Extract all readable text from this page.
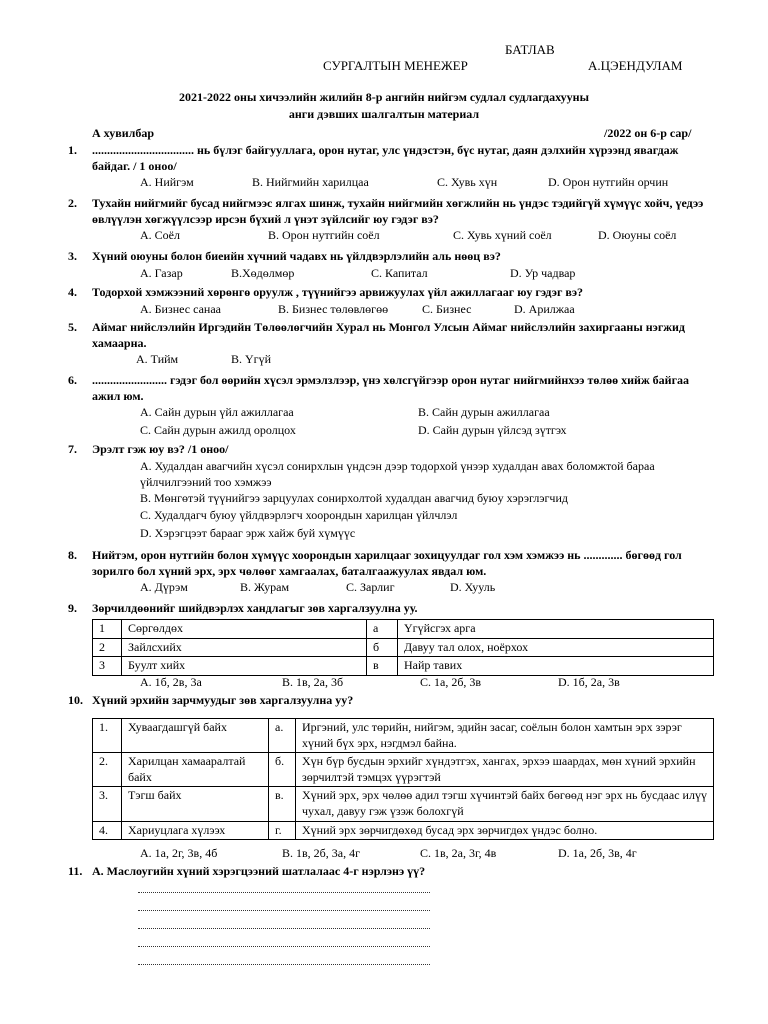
БАТЛАВ
СУРГАЛТЫН МЕНЕЖЕР	А.ЦЭЕНДУЛАМ
2021-2022 оны хичээлийн жилийн 8-р ангийн нийгэм судлал судлагдахууны
анги дэвших шалгалтын материал
А хувилбар	/2022 он 6-р сар/
1.	.................................. нь бүлэг байгууллага, орон нутаг, улс үндэстэн, бүс нутаг, даян дэлхийн хүрээнд явагдаж байдаг. / 1 оноо/
А. Нийгэм	В. Нийгмийн харилцаа	С. Хувь хүн	D. Орон нутгийн орчин
2.	Тухайн нийгмийг бусад нийгмээс ялгах шинж, тухайн нийгмийн хөгжлийн нь үндэс тэдийгүй хүмүүс хойч, үедээ өвлүүлэн хөгжүүлсээр ирсэн бүхий л үнэт зүйлсийг юу гэдэг вэ?
А. Соёл	В. Орон нутгийн соёл	С. Хувь хүний соёл	D. Оюуны соёл
3.	Хүний оюуны болон биеийн хүчний чадавх нь үйлдвэрлэлийн аль нөөц вэ?
А. Газар	В.Хөдөлмөр	С. Капитал	D. Ур чадвар
4.	Тодорхой хэмжээний хөрөнгө оруулж , түүнийгээ арвижуулах үйл ажиллагааг юу гэдэг вэ?
А. Бизнес санаа	В. Бизнес төлөвлөгөө	С. Бизнес	D. Арилжаа
5.	Аймаг нийслэлийн Иргэдийн Төлөөлөгчийн Хурал нь Монгол Улсын Аймаг нийслэлийн захиргааны нэгжид хамаарна.
А. Тийм	В. Үгүй
6.	......................... гэдэг бол өөрийн хүсэл эрмэлзлээр, үнэ хөлсгүйгээр орон нутаг нийгмийнхээ төлөө хийж байгаа ажил юм.
А. Сайн дурын үйл ажиллагаа	В. Сайн дурын ажиллагаа
С. Сайн дурын ажилд оролцох	D. Сайн дурын үйлсэд зүтгэх
7.	Эрэлт гэж юу вэ? /1 оноо/
А. Худалдан авагчийн хүсэл сонирхлын үндсэн дээр тодорхой үнээр худалдан авах боломжтой бараа үйлчилгээний тоо хэмжээ
В. Мөнгөтэй түүнийгээ зарцуулах сонирхолтой худалдан авагчид буюу хэрэглэгчид
С. Худалдагч буюу үйлдвэрлэгч хоорондын харилцан үйлчлэл
D. Хэрэгцээт барааг эрж хайж буй хүмүүс
8.	Нийтэм, орон нутгийн болон хүмүүс хоорондын харилцааг зохицуулдаг гол хэм хэмжээ нь ............. бөгөөд гол зорилго бол хүний эрх, эрх чөлөөг хамгаалах, баталгаажуулах явдал юм.
А. Дүрэм	В. Журам	С. Зарлиг	D. Хууль
9.	Зөрчилдөөнийг шийдвэрлэх хандлагыг зөв харгалзуулна уу.
1	Сөргөлдөх	а	Үгүйсгэх арга
2	Зайлсхийх	б	Давуу тал олох, ноёрхох
3	Буулт хийх	в	Найр тавих
А. 1б, 2в, 3а	В. 1в, 2а, 3б	С. 1а, 2б, 3в	D. 1б, 2а, 3в
10. Хүний эрхийн зарчмуудыг зөв харгалзуулна уу?
1.	Хуваагдашгүй байх	а.	Иргэний, улс төрийн, нийгэм, эдийн засаг, соёлын болон хамтын эрх зэрэг хүний бүх эрх, нэгдмэл байна.
2.	Харилцан хамааралтай байх	б.	Хүн бүр бусдын эрхийг хүндэтгэх, хангах, эрхээ шаардах, мөн хүний эрхийн зөрчилтэй тэмцэх үүрэгтэй
3.	Тэгш байх	в.	Хүний эрх, эрх чөлөө адил тэгш хүчинтэй байх бөгөөд нэг эрх нь бусдаас илүү чухал, давуу гэж үзэж болохгүй
4.	Хариуцлага хүлээх	г.	Хүний эрх зөрчигдөхөд бусад эрх зөрчигдөх үндэс болно.
А. 1а, 2г, 3в, 4б	В. 1в, 2б, 3а, 4г	С. 1в, 2а, 3г, 4в	D. 1а, 2б, 3в, 4г
11. А. Маслоугийн хүний хэрэгцээний шатлалаас 4-г нэрлэнэ үү?
